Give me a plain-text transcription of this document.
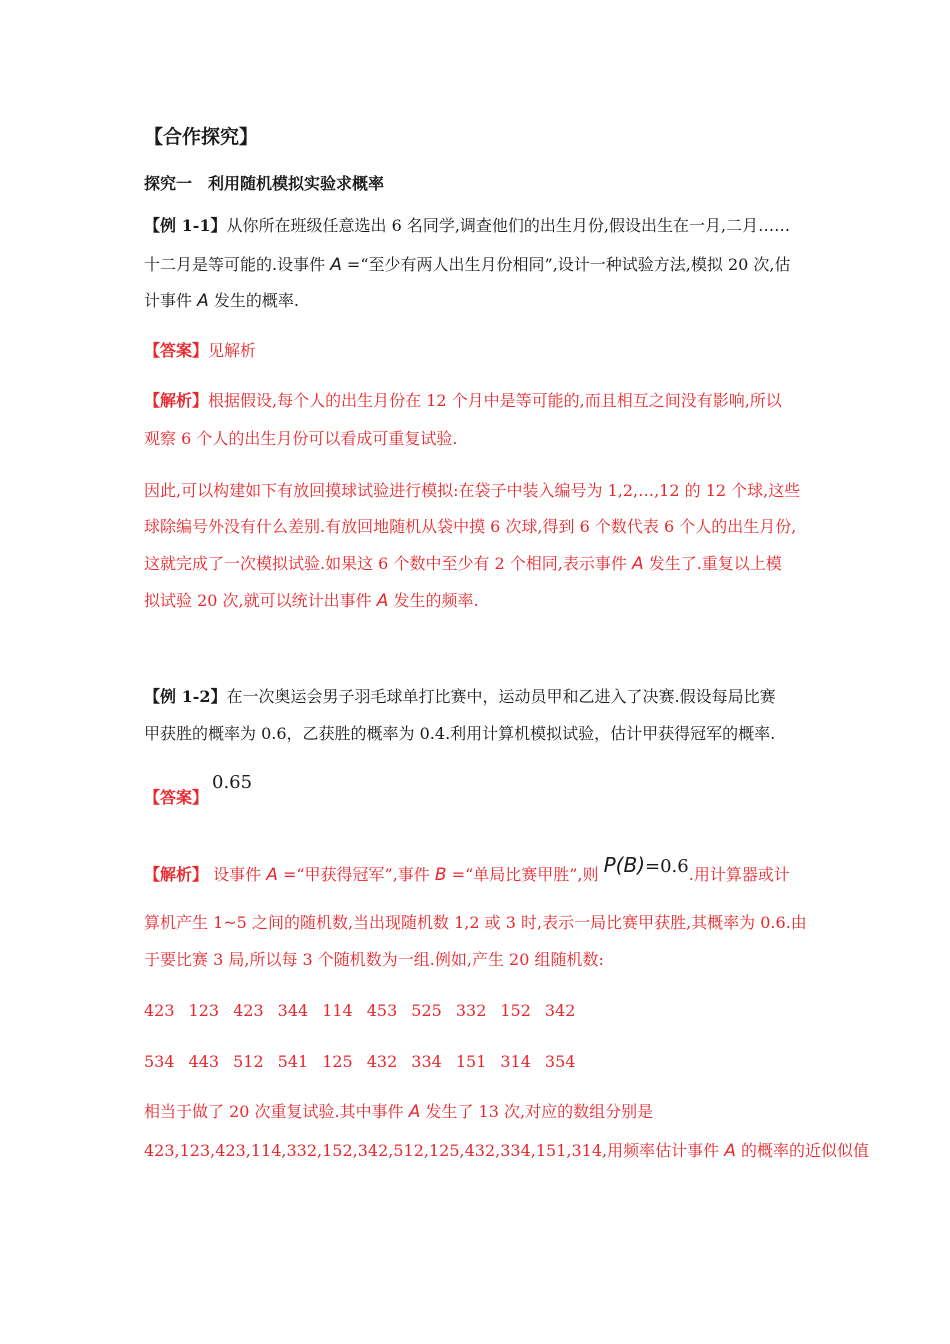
【合作探究】
探究一　利用随机模拟实验求概率
【例 1-1】从你所在班级任意选出 6 名同学,调查他们的出生月份,假设出生在一月,二月……
十二月是等可能的.设事件 A =“至少有两人出生月份相同”,设计一种试验方法,模拟 20 次,估
计事件 A 发生的概率.
【答案】见解析
【解析】根据假设,每个人的出生月份在 12 个月中是等可能的,而且相互之间没有影响,所以
观察 6 个人的出生月份可以看成可重复试验.
因此,可以构建如下有放回摸球试验进行模拟:在袋子中装入编号为 1,2,…,12 的 12 个球,这些
球除编号外没有什么差别.有放回地随机从袋中摸 6 次球,得到 6 个数代表 6 个人的出生月份,
这就完成了一次模拟试验.如果这 6 个数中至少有 2 个相同,表示事件 A 发生了.重复以上模
拟试验 20 次,就可以统计出事件 A 发生的频率.
【例 1-2】在一次奥运会男子羽毛球单打比赛中，运动员甲和乙进入了决赛.假设每局比赛
甲获胜的概率为 0.6，乙获胜的概率为 0.4.利用计算机模拟试验，估计甲获得冠军的概率.
0.65
【答案】
【解析】 设事件 A =“甲获得冠军”,事件 B =“单局比赛甲胜”,则 P(B)=0.6.用计算器或计
算机产生 1~5 之间的随机数,当出现随机数 1,2 或 3 时,表示一局比赛甲获胜,其概率为 0.6.由
于要比赛 3 局,所以每 3 个随机数为一组.例如,产生 20 组随机数:
423 123 423 344 114 453 525 332 152 342
534 443 512 541 125 432 334 151 314 354
相当于做了 20 次重复试验.其中事件 A 发生了 13 次,对应的数组分别是
423,123,423,114,332,152,342,512,125,432,334,151,314,用频率估计事件 A 的概率的近似似值
